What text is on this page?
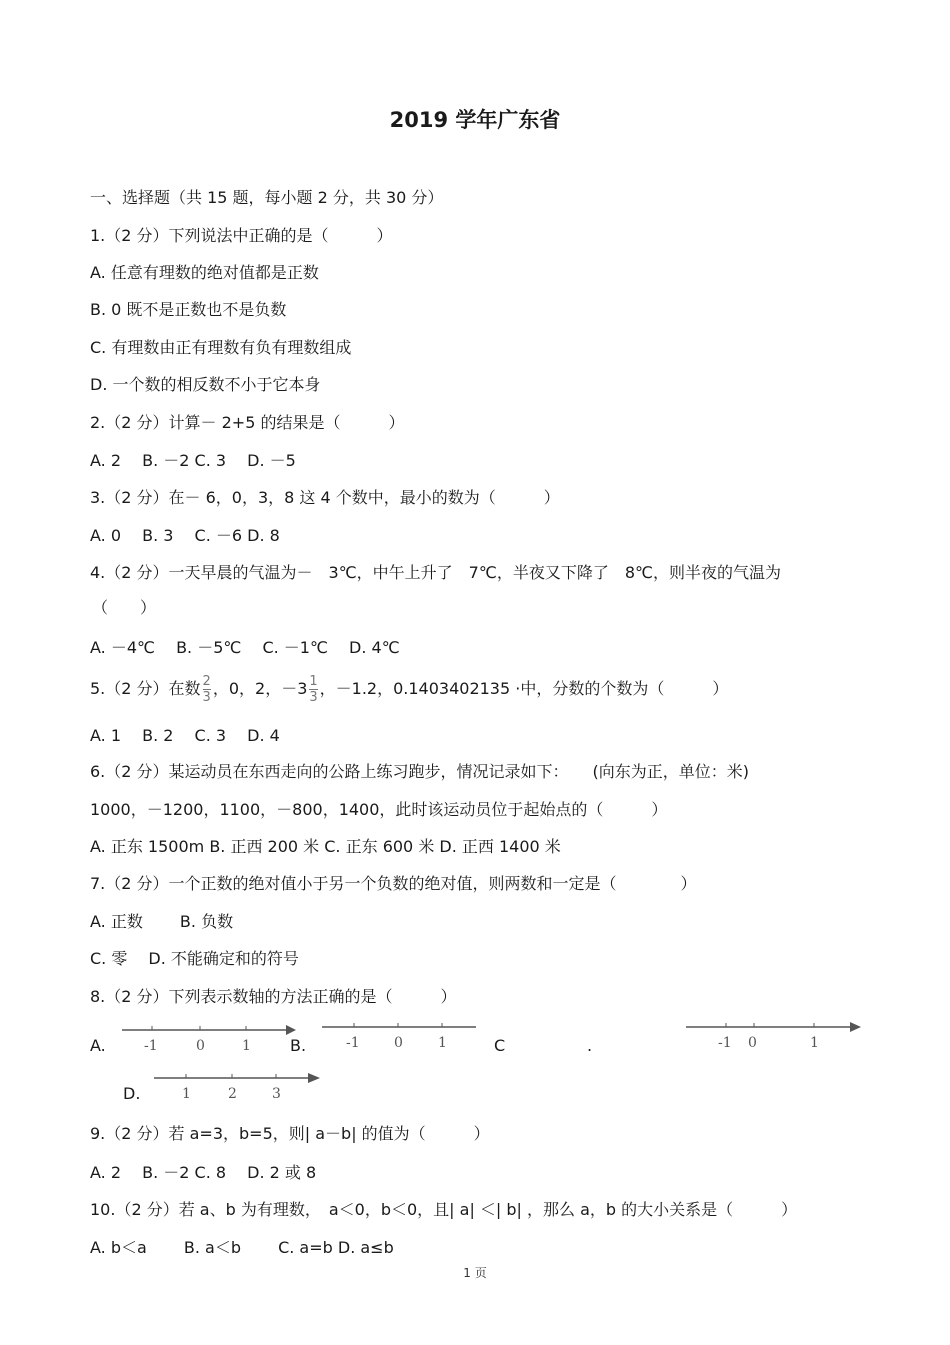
2019 学年广东省
一、选择题（共 15 题，每小题 2 分，共 30 分）
1.（2 分）下列说法中正确的是（　　　）
A. 任意有理数的绝对值都是正数
B. 0 既不是正数也不是负数
C. 有理数由正有理数有负有理数组成
D. 一个数的相反数不小于它本身
2.（2 分）计算－ 2+5 的结果是（　　　）
A. 2　 B. －2 C. 3　 D. －5
3.（2 分）在－ 6，0，3，8 这 4 个数中，最小的数为（　　　）
A. 0　 B. 3　 C. －6 D. 8
4.（2 分）一天早晨的气温为－　3℃，中午上升了　7℃，半夜又下降了　8℃，则半夜的气温为
（　　）
A. －4℃　 B. －5℃　 C. －1℃　 D. 4℃
5.（2 分）在数 $\frac{2}{3}$ ，0，2，$-3 \frac{1}{3}$ ，－1.2，0.1403402135 ·中，分数的个数为（　　　）
A. 1　 B. 2　 C. 3　 D. 4
6.（2 分）某运动员在东西走向的公路上练习跑步，情况记录如下：　　(向东为正，单位：米)
1000，－1200，1100，－800，1400，此时该运动员位于起始点的（　　　）
A. 正东 1500m B. 正西 200 米 C. 正东 600 米 D. 正西 1400 米
7.（2 分）一个正数的绝对值小于另一个负数的绝对值，则两数和一定是（　　　　）
A. 正数　　 B. 负数
C. 零　 D. 不能确定和的符号
8.（2 分）下列表示数轴的方法正确的是（　　　）
A.	B.	C	.
D.
-1	0	1	-1 0	1	-1 0	1
1	2	3
9.（2 分）若 a=3，b=5，则| a－b| 的值为（　　　）
A. 2　 B. －2 C. 8　 D. 2 或 8
10.（2 分）若 a、b 为有理数，　a＜0，b＜0，且| a| ＜| b| ，那么 a，b 的大小关系是（　　　）
A. b＜a　　 B. a＜b　　 C. a=b D. a≤b
1 页
